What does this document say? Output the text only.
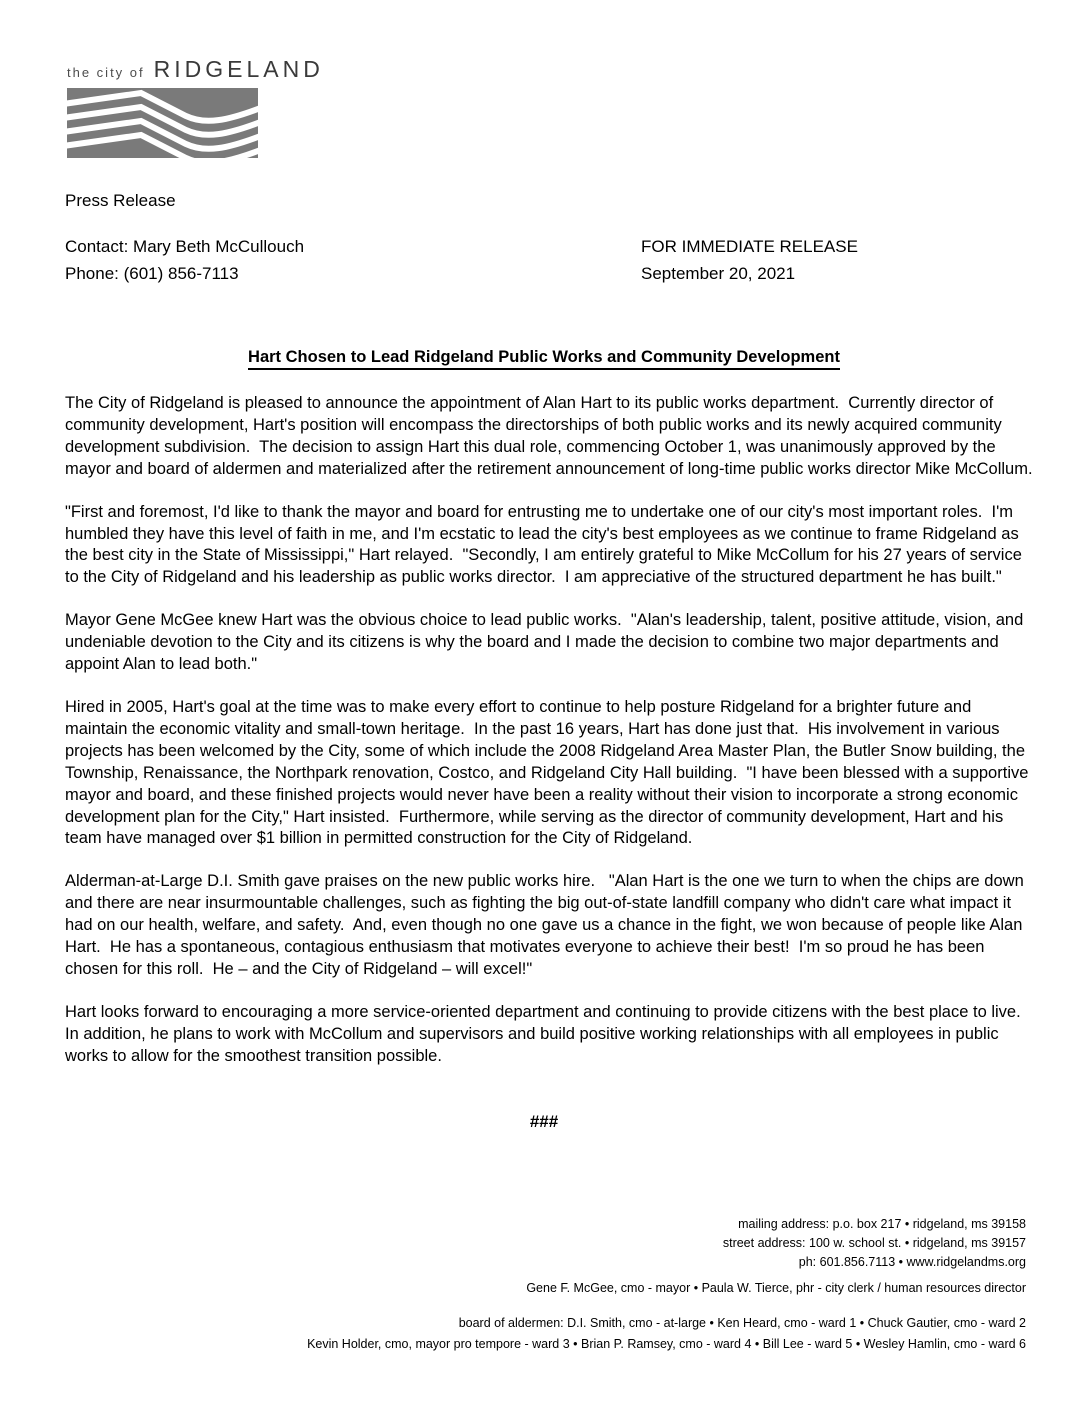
the city of RIDGELAND
Press Release
Contact: Mary Beth McCullouch
Phone: (601) 856-7113
FOR IMMEDIATE RELEASE
September 20, 2021
Hart Chosen to Lead Ridgeland Public Works and Community Development

The City of Ridgeland is pleased to announce the appointment of Alan Hart to its public works department.  Currently director of community development, Hart's position will encompass the directorships of both public works and its newly acquired community development subdivision.  The decision to assign Hart this dual role, commencing October 1, was unanimously approved by the mayor and board of aldermen and materialized after the retirement announcement of long-time public works director Mike McCollum.

"First and foremost, I'd like to thank the mayor and board for entrusting me to undertake one of our city's most important roles.  I'm humbled they have this level of faith in me, and I'm ecstatic to lead the city's best employees as we continue to frame Ridgeland as the best city in the State of Mississippi," Hart relayed.  "Secondly, I am entirely grateful to Mike McCollum for his 27 years of service to the City of Ridgeland and his leadership as public works director.  I am appreciative of the structured department he has built."

Mayor Gene McGee knew Hart was the obvious choice to lead public works.  "Alan's leadership, talent, positive attitude, vision, and undeniable devotion to the City and its citizens is why the board and I made the decision to combine two major departments and appoint Alan to lead both."

Hired in 2005, Hart's goal at the time was to make every effort to continue to help posture Ridgeland for a brighter future and maintain the economic vitality and small-town heritage.  In the past 16 years, Hart has done just that.  His involvement in various projects has been welcomed by the City, some of which include the 2008 Ridgeland Area Master Plan, the Butler Snow building, the Township, Renaissance, the Northpark renovation, Costco, and Ridgeland City Hall building.  "I have been blessed with a supportive mayor and board, and these finished projects would never have been a reality without their vision to incorporate a strong economic development plan for the City," Hart insisted.  Furthermore, while serving as the director of community development, Hart and his team have managed over $1 billion in permitted construction for the City of Ridgeland.

Alderman-at-Large D.I. Smith gave praises on the new public works hire.   "Alan Hart is the one we turn to when the chips are down and there are near insurmountable challenges, such as fighting the big out-of-state landfill company who didn't care what impact it had on our health, welfare, and safety.  And, even though no one gave us a chance in the fight, we won because of people like Alan Hart.  He has a spontaneous, contagious enthusiasm that motivates everyone to achieve their best!  I'm so proud he has been chosen for this roll.  He – and the City of Ridgeland – will excel!"

Hart looks forward to encouraging a more service-oriented department and continuing to provide citizens with the best place to live.  In addition, he plans to work with McCollum and supervisors and build positive working relationships with all employees in public works to allow for the smoothest transition possible.

###
mailing address: p.o. box 217 • ridgeland, ms 39158
street address: 100 w. school st. • ridgeland, ms 39157
ph: 601.856.7113 • www.ridgelandms.org
Gene F. McGee, cmo - mayor • Paula W. Tierce, phr - city clerk / human resources director
board of aldermen: D.I. Smith, cmo - at-large • Ken Heard, cmo - ward 1 • Chuck Gautier, cmo - ward 2
Kevin Holder, cmo, mayor pro tempore - ward 3 • Brian P. Ramsey, cmo - ward 4 • Bill Lee - ward 5 • Wesley Hamlin, cmo - ward 6
